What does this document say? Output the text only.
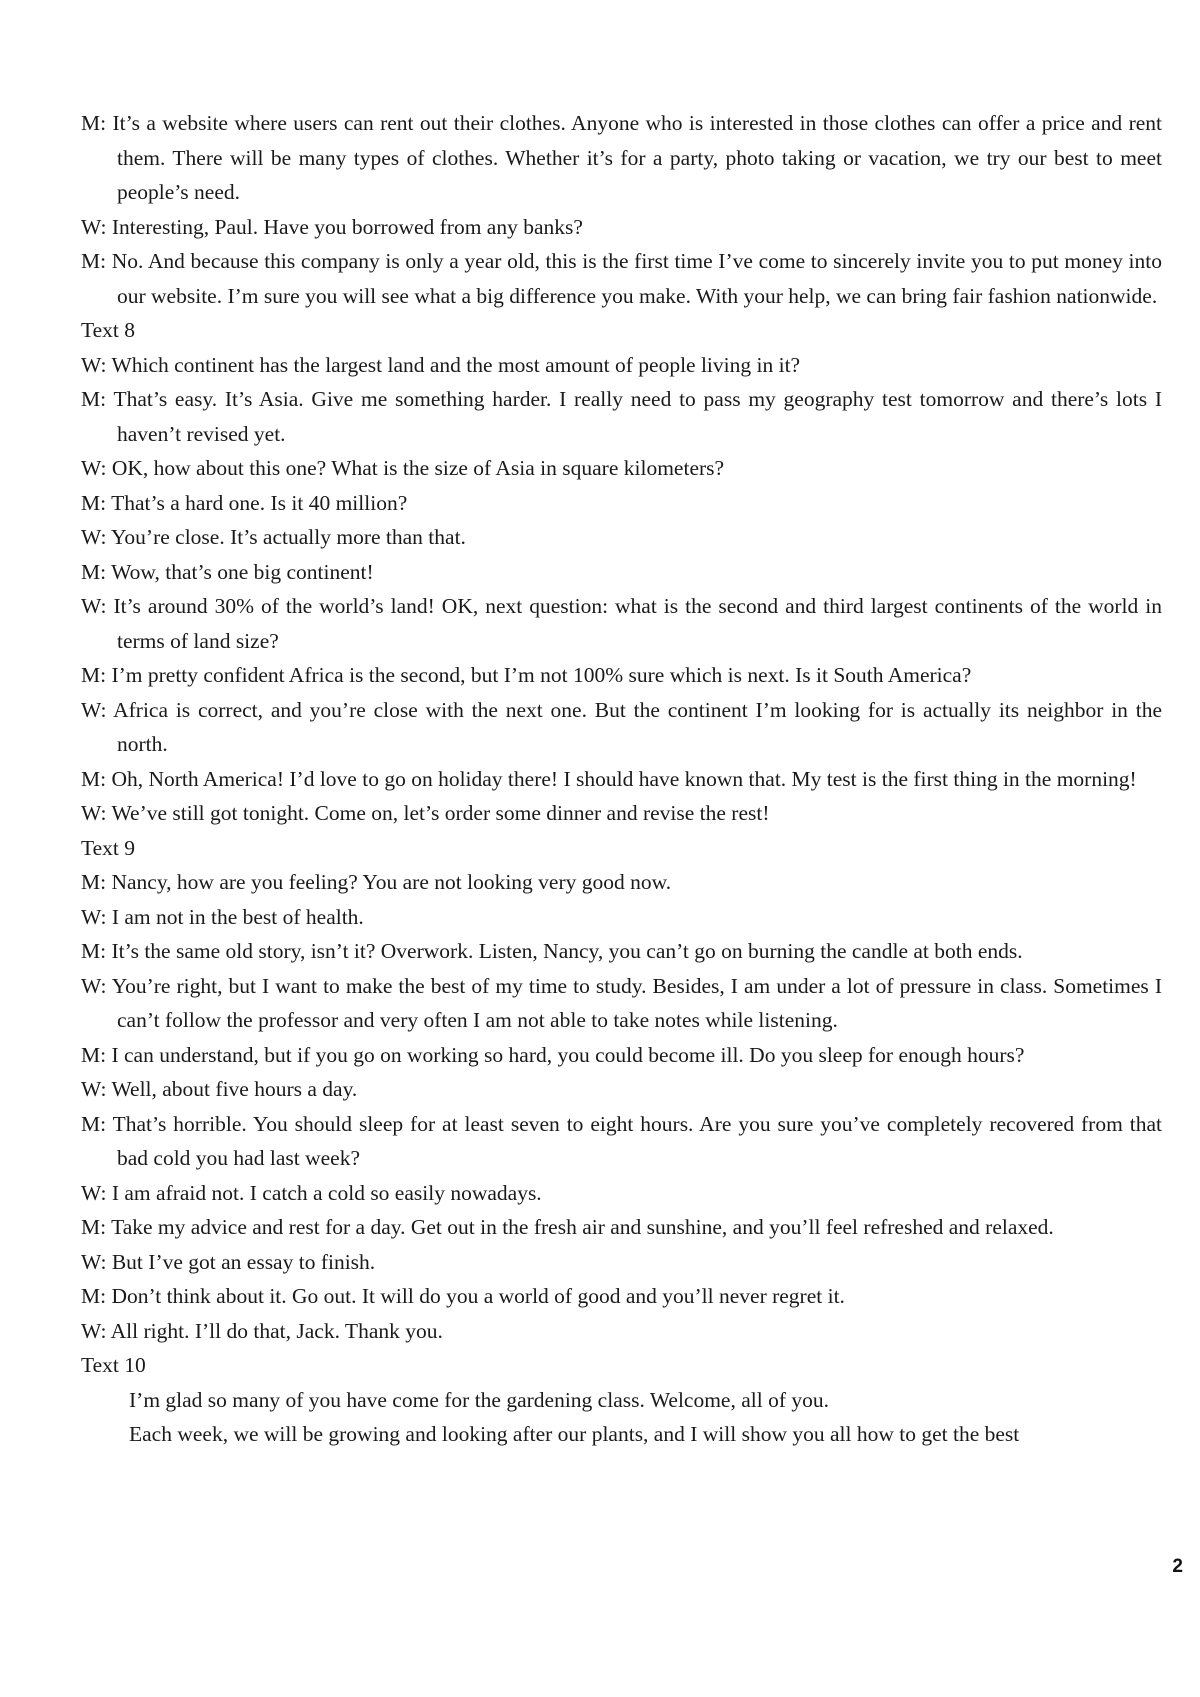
M: It’s a website where users can rent out their clothes. Anyone who is interested in those clothes can offer a price and rent them. There will be many types of clothes. Whether it’s for a party, photo taking or vacation, we try our best to meet people’s need.
W: Interesting, Paul. Have you borrowed from any banks?
M: No. And because this company is only a year old, this is the first time I’ve come to sincerely invite you to put money into our website. I’m sure you will see what a big difference you make. With your help, we can bring fair fashion nationwide.
Text 8
W: Which continent has the largest land and the most amount of people living in it?
M: That’s easy. It’s Asia. Give me something harder. I really need to pass my geography test tomorrow and there’s lots I haven’t revised yet.
W: OK, how about this one? What is the size of Asia in square kilometers?
M: That’s a hard one. Is it 40 million?
W: You’re close. It’s actually more than that.
M: Wow, that’s one big continent!
W: It’s around 30% of the world’s land! OK, next question: what is the second and third largest continents of the world in terms of land size?
M: I’m pretty confident Africa is the second, but I’m not 100% sure which is next. Is it South America?
W: Africa is correct, and you’re close with the next one. But the continent I’m looking for is actually its neighbor in the north.
M: Oh, North America! I’d love to go on holiday there! I should have known that. My test is the first thing in the morning!
W: We’ve still got tonight. Come on, let’s order some dinner and revise the rest!
Text 9
M: Nancy, how are you feeling? You are not looking very good now.
W: I am not in the best of health.
M: It’s the same old story, isn’t it? Overwork. Listen, Nancy, you can’t go on burning the candle at both ends.
W: You’re right, but I want to make the best of my time to study. Besides, I am under a lot of pressure in class. Sometimes I can’t follow the professor and very often I am not able to take notes while listening.
M: I can understand, but if you go on working so hard, you could become ill. Do you sleep for enough hours?
W: Well, about five hours a day.
M: That’s horrible. You should sleep for at least seven to eight hours. Are you sure you’ve completely recovered from that bad cold you had last week?
W: I am afraid not. I catch a cold so easily nowadays.
M: Take my advice and rest for a day. Get out in the fresh air and sunshine, and you’ll feel refreshed and relaxed.
W: But I’ve got an essay to finish.
M: Don’t think about it. Go out. It will do you a world of good and you’ll never regret it.
W: All right. I’ll do that, Jack. Thank you.
Text 10
I’m glad so many of you have come for the gardening class. Welcome, all of you.
Each week, we will be growing and looking after our plants, and I will show you all how to get the best
2
